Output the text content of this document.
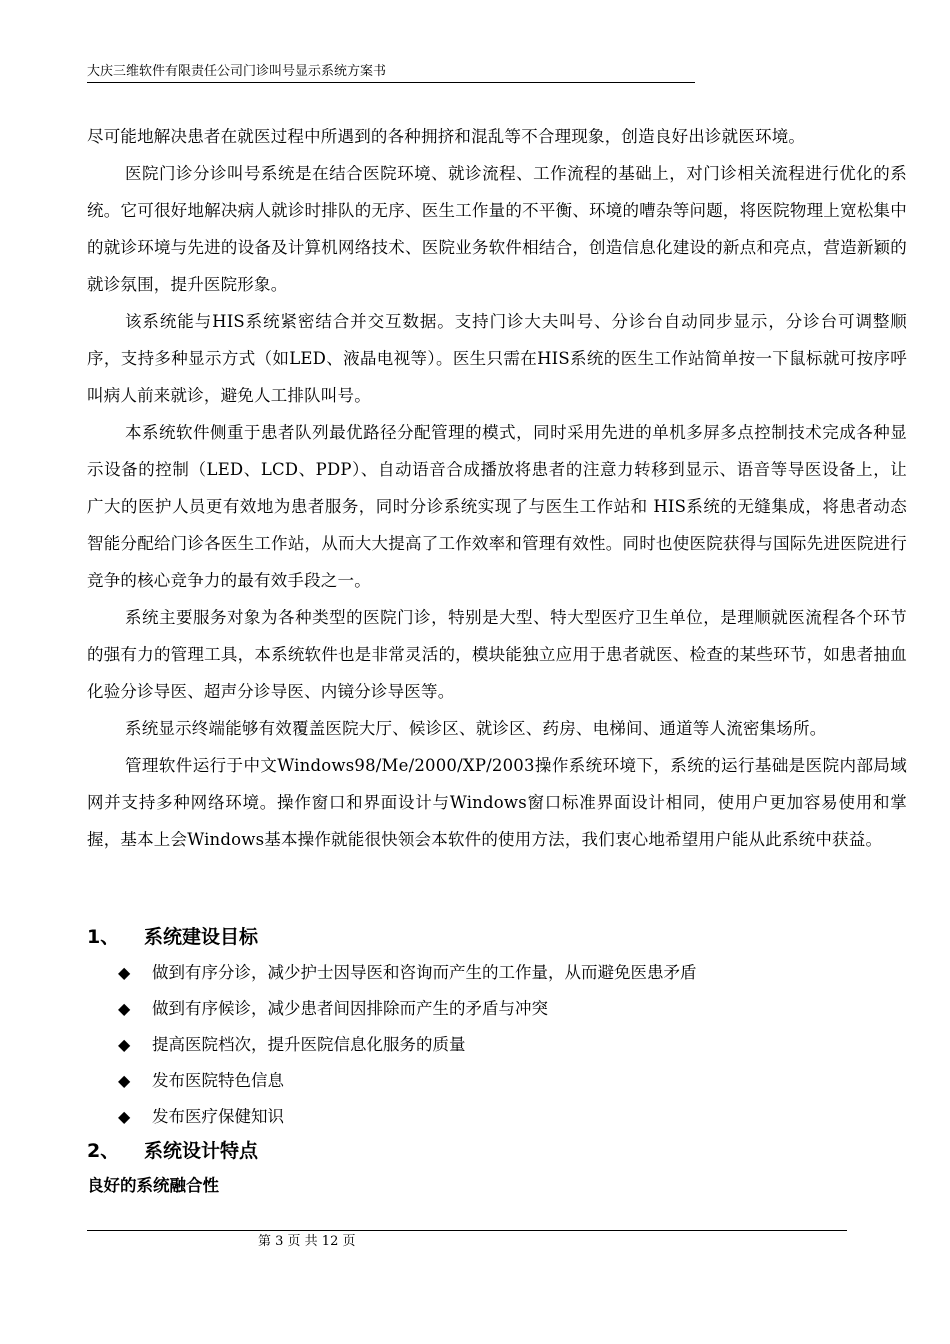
大庆三维软件有限责任公司门诊叫号显示系统方案书

尽可能地解决患者在就医过程中所遇到的各种拥挤和混乱等不合理现象，创造良好出诊就医环境。

医院门诊分诊叫号系统是在结合医院环境、就诊流程、工作流程的基础上，对门诊相关流程进行优化的系统。它可很好地解决病人就诊时排队的无序、医生工作量的不平衡、环境的嘈杂等问题，将医院物理上宽松集中的就诊环境与先进的设备及计算机网络技术、医院业务软件相结合，创造信息化建设的新点和亮点，营造新颖的就诊氛围，提升医院形象。

该系统能与HIS系统紧密结合并交互数据。支持门诊大夫叫号、分诊台自动同步显示，分诊台可调整顺序，支持多种显示方式（如LED、液晶电视等）。医生只需在HIS系统的医生工作站简单按一下鼠标就可按序呼叫病人前来就诊，避免人工排队叫号。

本系统软件侧重于患者队列最优路径分配管理的模式，同时采用先进的单机多屏多点控制技术完成各种显示设备的控制（LED、LCD、PDP）、自动语音合成播放将患者的注意力转移到显示、语音等导医设备上，让广大的医护人员更有效地为患者服务，同时分诊系统实现了与医生工作站和 HIS系统的无缝集成，将患者动态智能分配给门诊各医生工作站，从而大大提高了工作效率和管理有效性。同时也使医院获得与国际先进医院进行竞争的核心竞争力的最有效手段之一。

系统主要服务对象为各种类型的医院门诊，特别是大型、特大型医疗卫生单位，是理顺就医流程各个环节的强有力的管理工具，本系统软件也是非常灵活的，模块能独立应用于患者就医、检查的某些环节，如患者抽血化验分诊导医、超声分诊导医、内镜分诊导医等。

系统显示终端能够有效覆盖医院大厅、候诊区、就诊区、药房、电梯间、通道等人流密集场所。

管理软件运行于中文Windows98/Me/2000/XP/2003操作系统环境下，系统的运行基础是医院内部局域网并支持多种网络环境。操作窗口和界面设计与Windows窗口标准界面设计相同，使用户更加容易使用和掌握，基本上会Windows基本操作就能很快领会本软件的使用方法，我们衷心地希望用户能从此系统中获益。

1、 系统建设目标
◆ 做到有序分诊，减少护士因导医和咨询而产生的工作量，从而避免医患矛盾
◆ 做到有序候诊，减少患者间因排除而产生的矛盾与冲突
◆ 提高医院档次，提升医院信息化服务的质量
◆ 发布医院特色信息
◆ 发布医疗保健知识
2、 系统设计特点
良好的系统融合性
第 3 页 共 12 页
